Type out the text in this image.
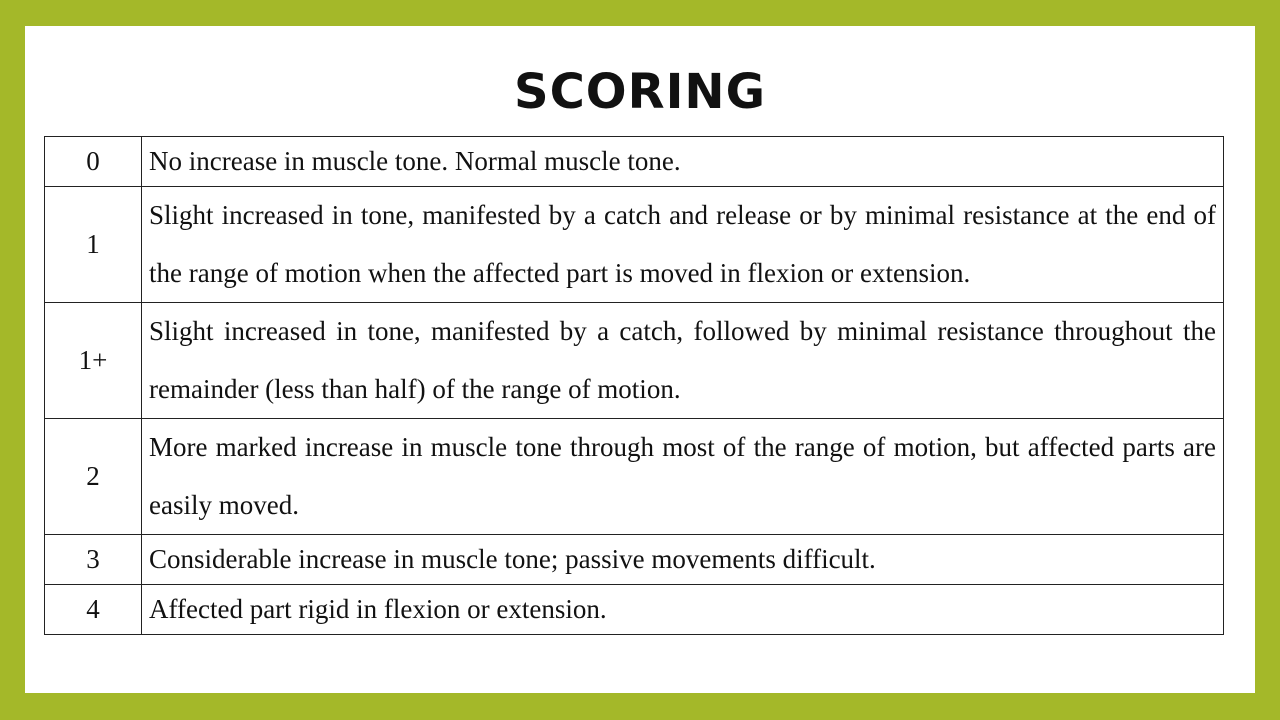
SCORING
0	No increase in muscle tone. Normal muscle tone.
1	Slight increased in tone, manifested by a catch and release or by minimal resistance at the end of the range of motion when the affected part is moved in flexion or extension.
1+	Slight increased in tone, manifested by a catch, followed by minimal resistance throughout the remainder (less than half) of the range of motion.
2	More marked increase in muscle tone through most of the range of motion, but affected parts are easily moved.
3	Considerable increase in muscle tone; passive movements difficult.
4	Affected part rigid in flexion or extension.
